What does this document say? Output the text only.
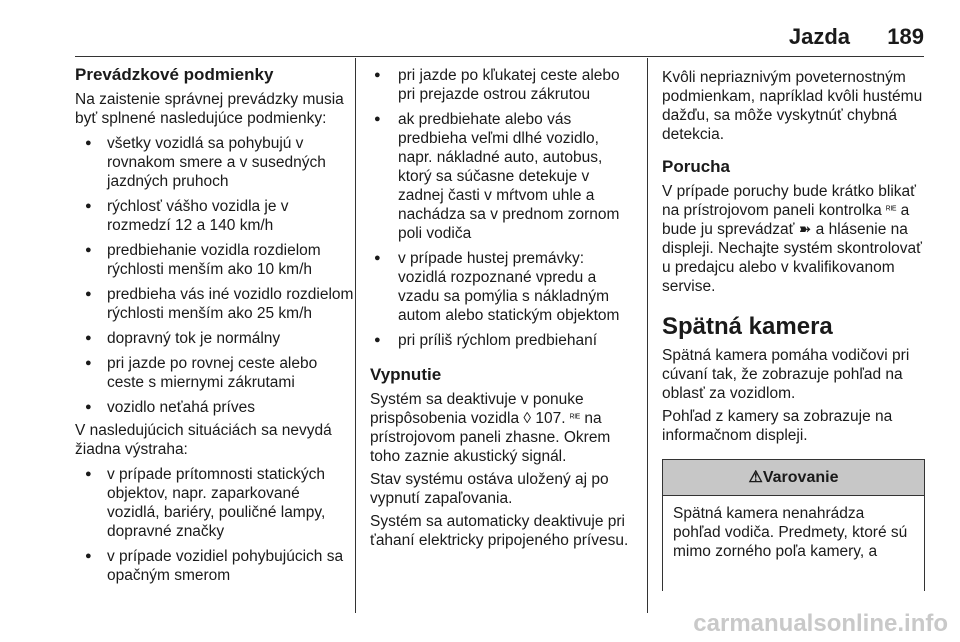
Jazda 189
Prevádzkové podmienky

Na zaistenie správnej prevádzky musia byť splnené nasledujúce podmienky:

● všetky vozidlá sa pohybujú v rovnakom smere a v susedných jazdných pruhoch
● rýchlosť vášho vozidla je v rozmedzí 12 a 140 km/h
● predbiehanie vozidla rozdielom rýchlosti menším ako 10 km/h
● predbieha vás iné vozidlo rozdielom rýchlosti menším ako 25 km/h
● dopravný tok je normálny
● pri jazde po rovnej ceste alebo ceste s miernymi zákrutami
● vozidlo neťahá príves

V nasledujúcich situáciách sa nevydá žiadna výstraha:

● v prípade prítomnosti statických objektov, napr. zaparkované vozidlá, bariéry, pouličné lampy, dopravné značky
● v prípade vozidiel pohybujúcich sa opačným smerom
● pri jazde po kľukatej ceste alebo pri prejazde ostrou zákrutou
● ak predbiehate alebo vás predbieha veľmi dlhé vozidlo, napr. nákladné auto, autobus, ktorý sa súčasne detekuje v zadnej časti v mŕtvom uhle a nachádza sa v prednom zornom poli vodiča
● v prípade hustej premávky: vozidlá rozpoznané vpredu a vzadu sa pomýlia s nákladným autom alebo statickým objektom
● pri príliš rýchlom predbiehaní
Vypnutie

Systém sa deaktivuje v ponuke prispôsobenia vozidla ◊ 107. ᴿᴵᴱ na prístrojovom paneli zhasne. Okrem toho zaznie akustický signál.

Stav systému ostáva uložený aj po vypnutí zapaľovania.

Systém sa automaticky deaktivuje pri ťahaní elektricky pripojeného prívesu.

Kvôli nepriaznivým poveternostným podmienkam, napríklad kvôli hustému dažďu, sa môže vyskytnúť chybná detekcia.

Porucha

V prípade poruchy bude krátko blikať na prístrojovom paneli kontrolka ᴿᴵᴱ a bude ju sprevádzať ➽ a hlásenie na displeji. Nechajte systém skontrolovať u predajcu alebo v kvalifikovanom servise.

Spätná kamera

Spätná kamera pomáha vodičovi pri cúvaní tak, že zobrazuje pohľad na oblasť za vozidlom.

Pohľad z kamery sa zobrazuje na informačnom displeji.

⚠Varovanie
Spätná kamera nenahrádza pohľad vodiča. Predmety, ktoré sú mimo zorného poľa kamery, a
carmanualsonline.info
